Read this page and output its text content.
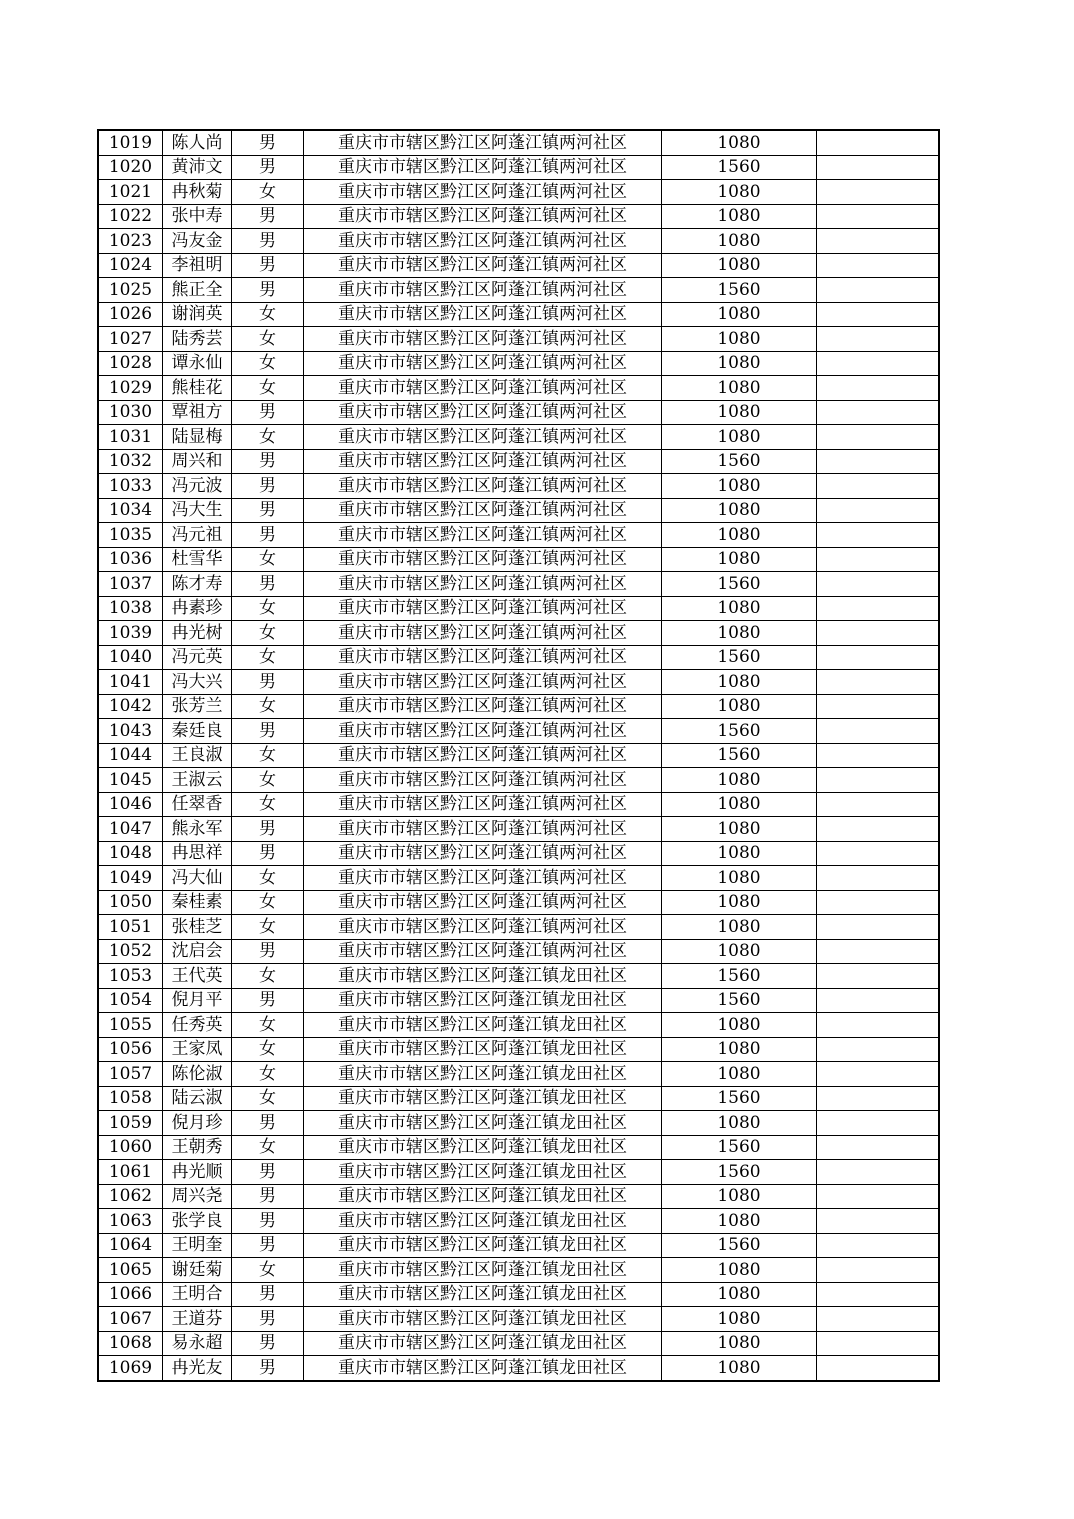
1019	陈人尚	男	重庆市市辖区黔江区阿蓬江镇两河社区	1080	
1020	黄沛文	男	重庆市市辖区黔江区阿蓬江镇两河社区	1560	
1021	冉秋菊	女	重庆市市辖区黔江区阿蓬江镇两河社区	1080	
1022	张中寿	男	重庆市市辖区黔江区阿蓬江镇两河社区	1080	
1023	冯友金	男	重庆市市辖区黔江区阿蓬江镇两河社区	1080	
1024	李祖明	男	重庆市市辖区黔江区阿蓬江镇两河社区	1080	
1025	熊正全	男	重庆市市辖区黔江区阿蓬江镇两河社区	1560	
1026	谢润英	女	重庆市市辖区黔江区阿蓬江镇两河社区	1080	
1027	陆秀芸	女	重庆市市辖区黔江区阿蓬江镇两河社区	1080	
1028	谭永仙	女	重庆市市辖区黔江区阿蓬江镇两河社区	1080	
1029	熊桂花	女	重庆市市辖区黔江区阿蓬江镇两河社区	1080	
1030	覃祖方	男	重庆市市辖区黔江区阿蓬江镇两河社区	1080	
1031	陆显梅	女	重庆市市辖区黔江区阿蓬江镇两河社区	1080	
1032	周兴和	男	重庆市市辖区黔江区阿蓬江镇两河社区	1560	
1033	冯元波	男	重庆市市辖区黔江区阿蓬江镇两河社区	1080	
1034	冯大生	男	重庆市市辖区黔江区阿蓬江镇两河社区	1080	
1035	冯元祖	男	重庆市市辖区黔江区阿蓬江镇两河社区	1080	
1036	杜雪华	女	重庆市市辖区黔江区阿蓬江镇两河社区	1080	
1037	陈才寿	男	重庆市市辖区黔江区阿蓬江镇两河社区	1560	
1038	冉素珍	女	重庆市市辖区黔江区阿蓬江镇两河社区	1080	
1039	冉光树	女	重庆市市辖区黔江区阿蓬江镇两河社区	1080	
1040	冯元英	女	重庆市市辖区黔江区阿蓬江镇两河社区	1560	
1041	冯大兴	男	重庆市市辖区黔江区阿蓬江镇两河社区	1080	
1042	张芳兰	女	重庆市市辖区黔江区阿蓬江镇两河社区	1080	
1043	秦廷良	男	重庆市市辖区黔江区阿蓬江镇两河社区	1560	
1044	王良淑	女	重庆市市辖区黔江区阿蓬江镇两河社区	1560	
1045	王淑云	女	重庆市市辖区黔江区阿蓬江镇两河社区	1080	
1046	任翠香	女	重庆市市辖区黔江区阿蓬江镇两河社区	1080	
1047	熊永军	男	重庆市市辖区黔江区阿蓬江镇两河社区	1080	
1048	冉思祥	男	重庆市市辖区黔江区阿蓬江镇两河社区	1080	
1049	冯大仙	女	重庆市市辖区黔江区阿蓬江镇两河社区	1080	
1050	秦桂素	女	重庆市市辖区黔江区阿蓬江镇两河社区	1080	
1051	张桂芝	女	重庆市市辖区黔江区阿蓬江镇两河社区	1080	
1052	沈启会	男	重庆市市辖区黔江区阿蓬江镇两河社区	1080	
1053	王代英	女	重庆市市辖区黔江区阿蓬江镇龙田社区	1560	
1054	倪月平	男	重庆市市辖区黔江区阿蓬江镇龙田社区	1560	
1055	任秀英	女	重庆市市辖区黔江区阿蓬江镇龙田社区	1080	
1056	王家凤	女	重庆市市辖区黔江区阿蓬江镇龙田社区	1080	
1057	陈伦淑	女	重庆市市辖区黔江区阿蓬江镇龙田社区	1080	
1058	陆云淑	女	重庆市市辖区黔江区阿蓬江镇龙田社区	1560	
1059	倪月珍	男	重庆市市辖区黔江区阿蓬江镇龙田社区	1080	
1060	王朝秀	女	重庆市市辖区黔江区阿蓬江镇龙田社区	1560	
1061	冉光顺	男	重庆市市辖区黔江区阿蓬江镇龙田社区	1560	
1062	周兴尧	男	重庆市市辖区黔江区阿蓬江镇龙田社区	1080	
1063	张学良	男	重庆市市辖区黔江区阿蓬江镇龙田社区	1080	
1064	王明奎	男	重庆市市辖区黔江区阿蓬江镇龙田社区	1560	
1065	谢廷菊	女	重庆市市辖区黔江区阿蓬江镇龙田社区	1080	
1066	王明合	男	重庆市市辖区黔江区阿蓬江镇龙田社区	1080	
1067	王道芬	男	重庆市市辖区黔江区阿蓬江镇龙田社区	1080	
1068	易永超	男	重庆市市辖区黔江区阿蓬江镇龙田社区	1080	
1069	冉光友	男	重庆市市辖区黔江区阿蓬江镇龙田社区	1080	
